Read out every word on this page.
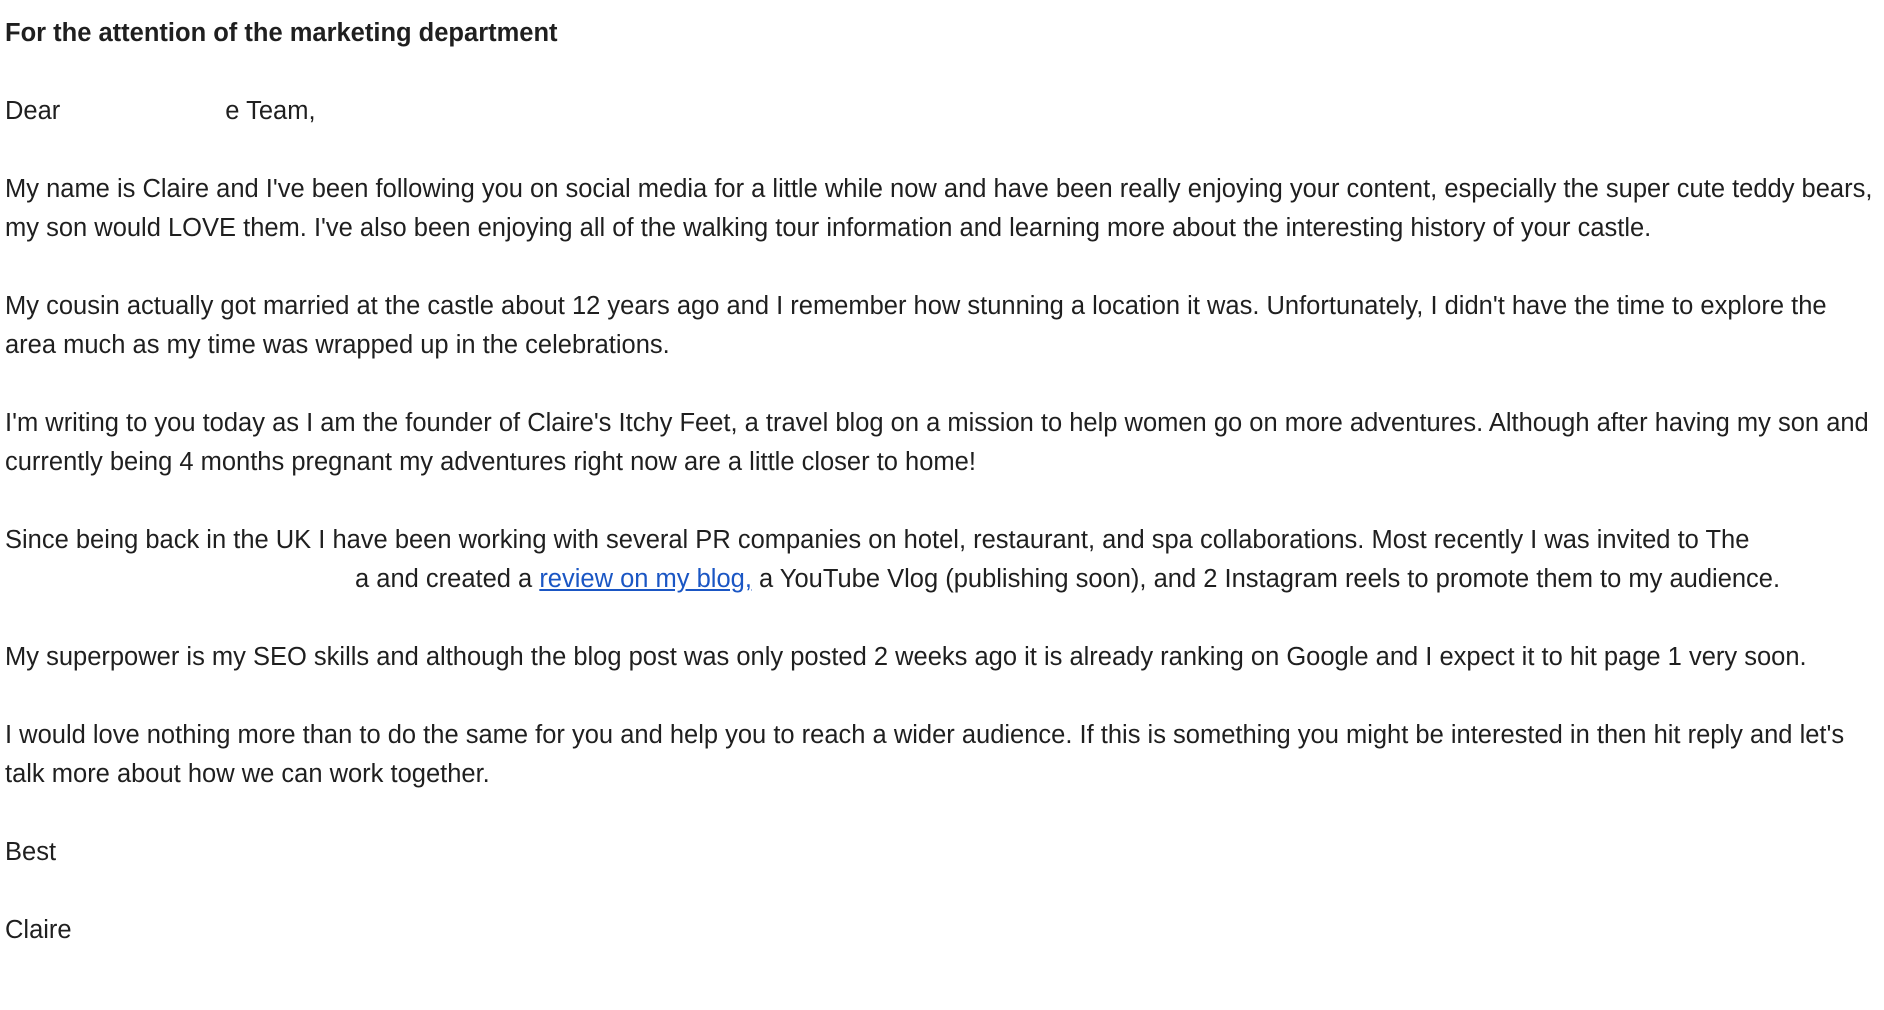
For the attention of the marketing department
Dear	e Team,
My name is Claire and I've been following you on social media for a little while now and have been really enjoying your content, especially the super cute teddy bears, my son would LOVE them. I've also been enjoying all of the walking tour information and learning more about the interesting history of your castle.
My cousin actually got married at the castle about 12 years ago and I remember how stunning a location it was. Unfortunately, I didn't have the time to explore the area much as my time was wrapped up in the celebrations.
I'm writing to you today as I am the founder of Claire's Itchy Feet, a travel blog on a mission to help women go on more adventures. Although after having my son and currently being 4 months pregnant my adventures right now are a little closer to home!
Since being back in the UK I have been working with several PR companies on hotel, restaurant, and spa collaborations. Most recently I was invited to The
a and created a review on my blog, a YouTube Vlog (publishing soon), and 2 Instagram reels to promote them to my audience.
My superpower is my SEO skills and although the blog post was only posted 2 weeks ago it is already ranking on Google and I expect it to hit page 1 very soon.
I would love nothing more than to do the same for you and help you to reach a wider audience. If this is something you might be interested in then hit reply and let's talk more about how we can work together.
Best
Claire
